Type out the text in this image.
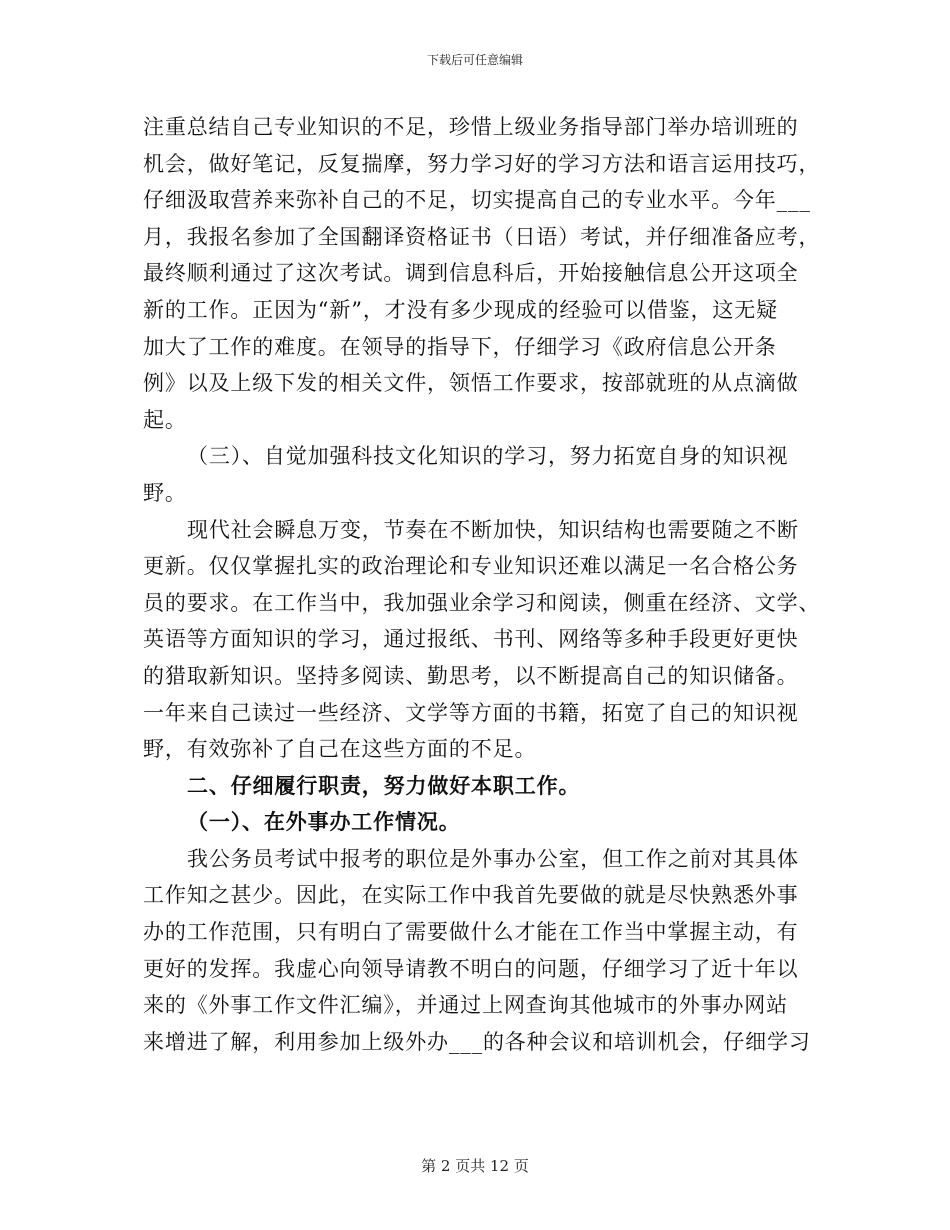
下载后可任意编辑
注重总结自己专业知识的不足，珍惜上级业务指导部门举办培训班的
机会，做好笔记，反复揣摩，努力学习好的学习方法和语言运用技巧，
仔细汲取营养来弥补自己的不足，切实提高自己的专业水平。今年___
月，我报名参加了全国翻译资格证书（日语）考试，并仔细准备应考，
最终顺利通过了这次考试。调到信息科后，开始接触信息公开这项全
新的工作。正因为“新”，才没有多少现成的经验可以借鉴，这无疑
加大了工作的难度。在领导的指导下，仔细学习《政府信息公开条
例》以及上级下发的相关文件，领悟工作要求，按部就班的从点滴做
起。
（三）、自觉加强科技文化知识的学习，努力拓宽自身的知识视
野。
现代社会瞬息万变，节奏在不断加快，知识结构也需要随之不断
更新。仅仅掌握扎实的政治理论和专业知识还难以满足一名合格公务
员的要求。在工作当中，我加强业余学习和阅读，侧重在经济、文学、
英语等方面知识的学习，通过报纸、书刊、网络等多种手段更好更快
的猎取新知识。坚持多阅读、勤思考，以不断提高自己的知识储备。
一年来自己读过一些经济、文学等方面的书籍，拓宽了自己的知识视
野，有效弥补了自己在这些方面的不足。
二、仔细履行职责，努力做好本职工作。
（一）、在外事办工作情况。
我公务员考试中报考的职位是外事办公室，但工作之前对其具体
工作知之甚少。因此，在实际工作中我首先要做的就是尽快熟悉外事
办的工作范围，只有明白了需要做什么才能在工作当中掌握主动，有
更好的发挥。我虚心向领导请教不明白的问题，仔细学习了近十年以
来的《外事工作文件汇编》，并通过上网查询其他城市的外事办网站
来增进了解，利用参加上级外办___的各种会议和培训机会，仔细学习
第 2 页共 12 页
